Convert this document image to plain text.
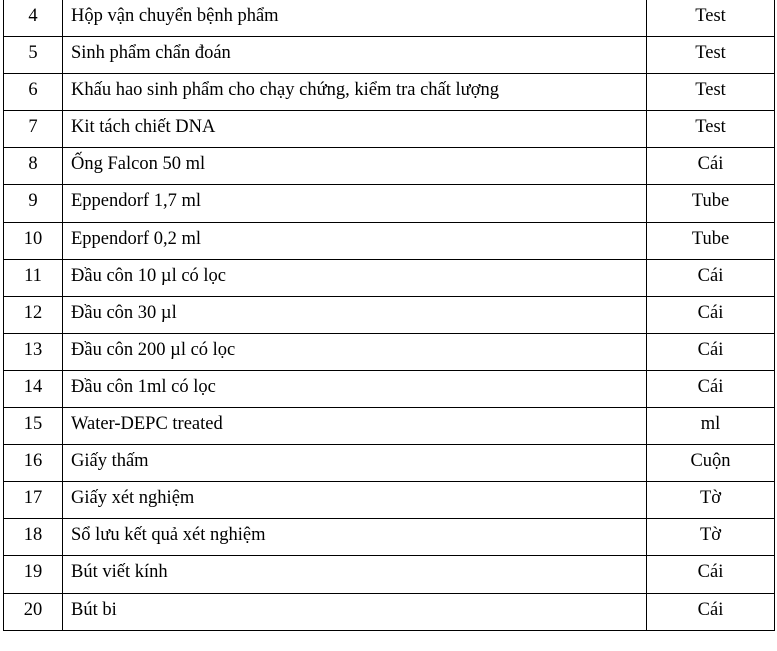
4	Hộp vận chuyển bệnh phẩm	Test
5	Sinh phẩm chẩn đoán	Test
6	Khấu hao sinh phẩm cho chạy chứng, kiểm tra chất lượng	Test
7	Kit tách chiết DNA	Test
8	Ống Falcon 50 ml	Cái
9	Eppendorf 1,7 ml	Tube
10	Eppendorf 0,2 ml	Tube
11	Đầu côn 10 µl có lọc	Cái
12	Đầu côn 30 µl	Cái
13	Đầu côn 200 µl có lọc	Cái
14	Đầu côn 1ml có lọc	Cái
15	Water-DEPC treated	ml
16	Giấy thấm	Cuộn
17	Giấy xét nghiệm	Tờ
18	Sổ lưu kết quả xét nghiệm	Tờ
19	Bút viết kính	Cái
20	Bút bi	Cái
